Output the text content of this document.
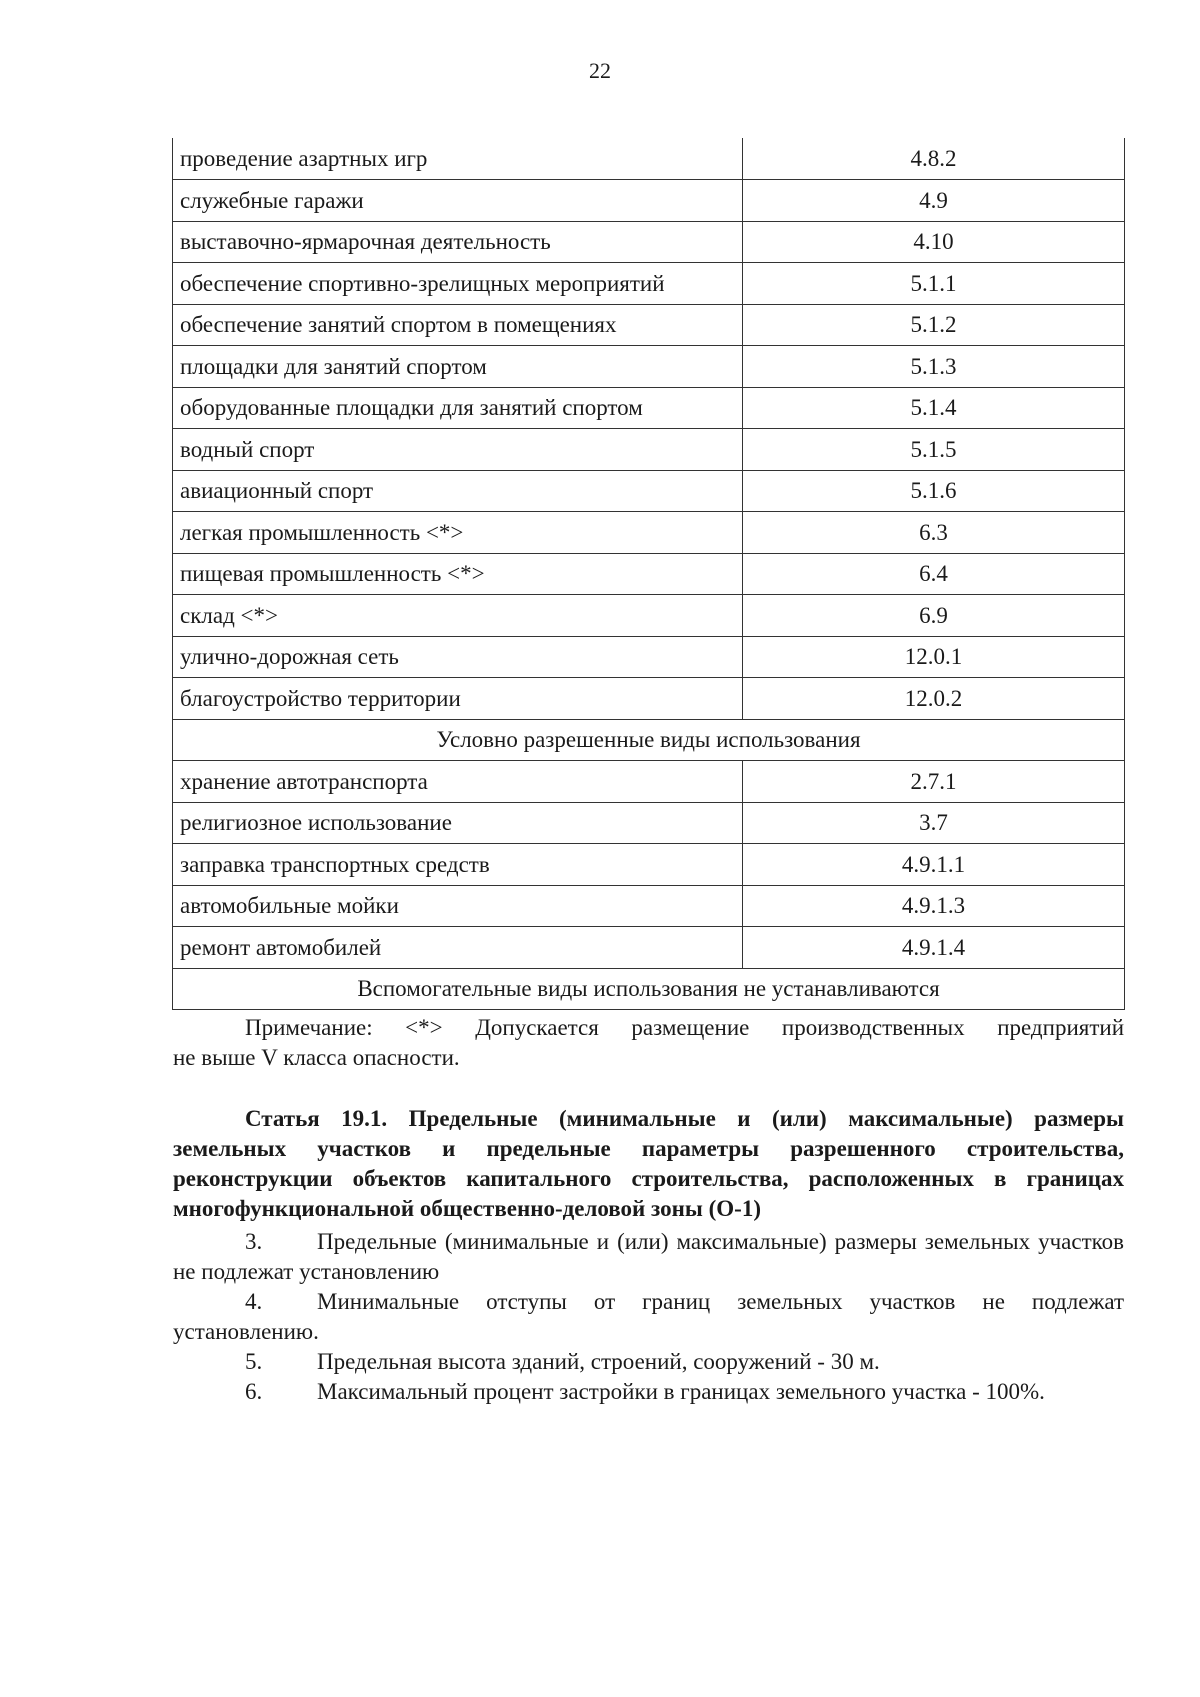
22
проведение азартных игр	4.8.2
служебные гаражи	4.9
выставочно-ярмарочная деятельность	4.10
обеспечение спортивно-зрелищных мероприятий	5.1.1
обеспечение занятий спортом в помещениях	5.1.2
площадки для занятий спортом	5.1.3
оборудованные площадки для занятий спортом	5.1.4
водный спорт	5.1.5
авиационный спорт	5.1.6
легкая промышленность <*>	6.3
пищевая промышленность <*>	6.4
склад <*>	6.9
улично-дорожная сеть	12.0.1
благоустройство территории	12.0.2
Условно разрешенные виды использования	
хранение автотранспорта	2.7.1
религиозное использование	3.7
заправка транспортных средств	4.9.1.1
автомобильные мойки	4.9.1.3
ремонт автомобилей	4.9.1.4
Вспомогательные виды использования не устанавливаются	

Примечание: <*> Допускается размещение производственных предприятий

не выше V класса опасности.

Статья 19.1. Предельные (минимальные и (или) максимальные) размеры земельных участков и предельные параметры разрешенного строительства, реконструкции объектов капитального строительства, расположенных в границах многофункциональной общественно-деловой зоны (О-1)

3. Предельные (минимальные и (или) максимальные) размеры земельных участков не подлежат установлению

4. Минимальные отступы от границ земельных участков не подлежат установлению.

5. Предельная высота зданий, строений, сооружений - 30 м.

6. Максимальный процент застройки в границах земельного участка - 100%.
